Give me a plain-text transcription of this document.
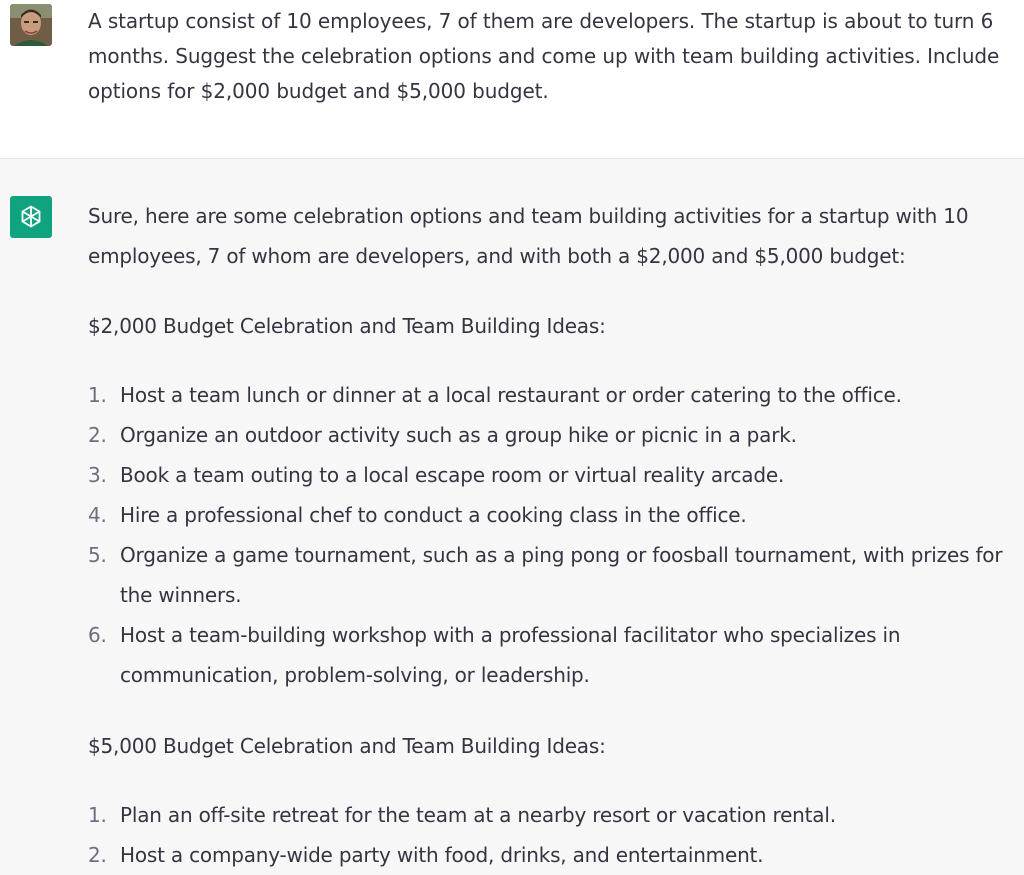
A startup consist of 10 employees, 7 of them are developers. The startup is about to turn 6 months. Suggest the celebration options and come up with team building activities. Include options for $2,000 budget and $5,000 budget.
Sure, here are some celebration options and team building activities for a startup with 10 employees, 7 of whom are developers, and with both a $2,000 and $5,000 budget:
$2,000 Budget Celebration and Team Building Ideas:
1. Host a team lunch or dinner at a local restaurant or order catering to the office.
2. Organize an outdoor activity such as a group hike or picnic in a park.
3. Book a team outing to a local escape room or virtual reality arcade.
4. Hire a professional chef to conduct a cooking class in the office.
5. Organize a game tournament, such as a ping pong or foosball tournament, with prizes for the winners.
6. Host a team-building workshop with a professional facilitator who specializes in communication, problem-solving, or leadership.
$5,000 Budget Celebration and Team Building Ideas:
1. Plan an off-site retreat for the team at a nearby resort or vacation rental.
2. Host a company-wide party with food, drinks, and entertainment.
